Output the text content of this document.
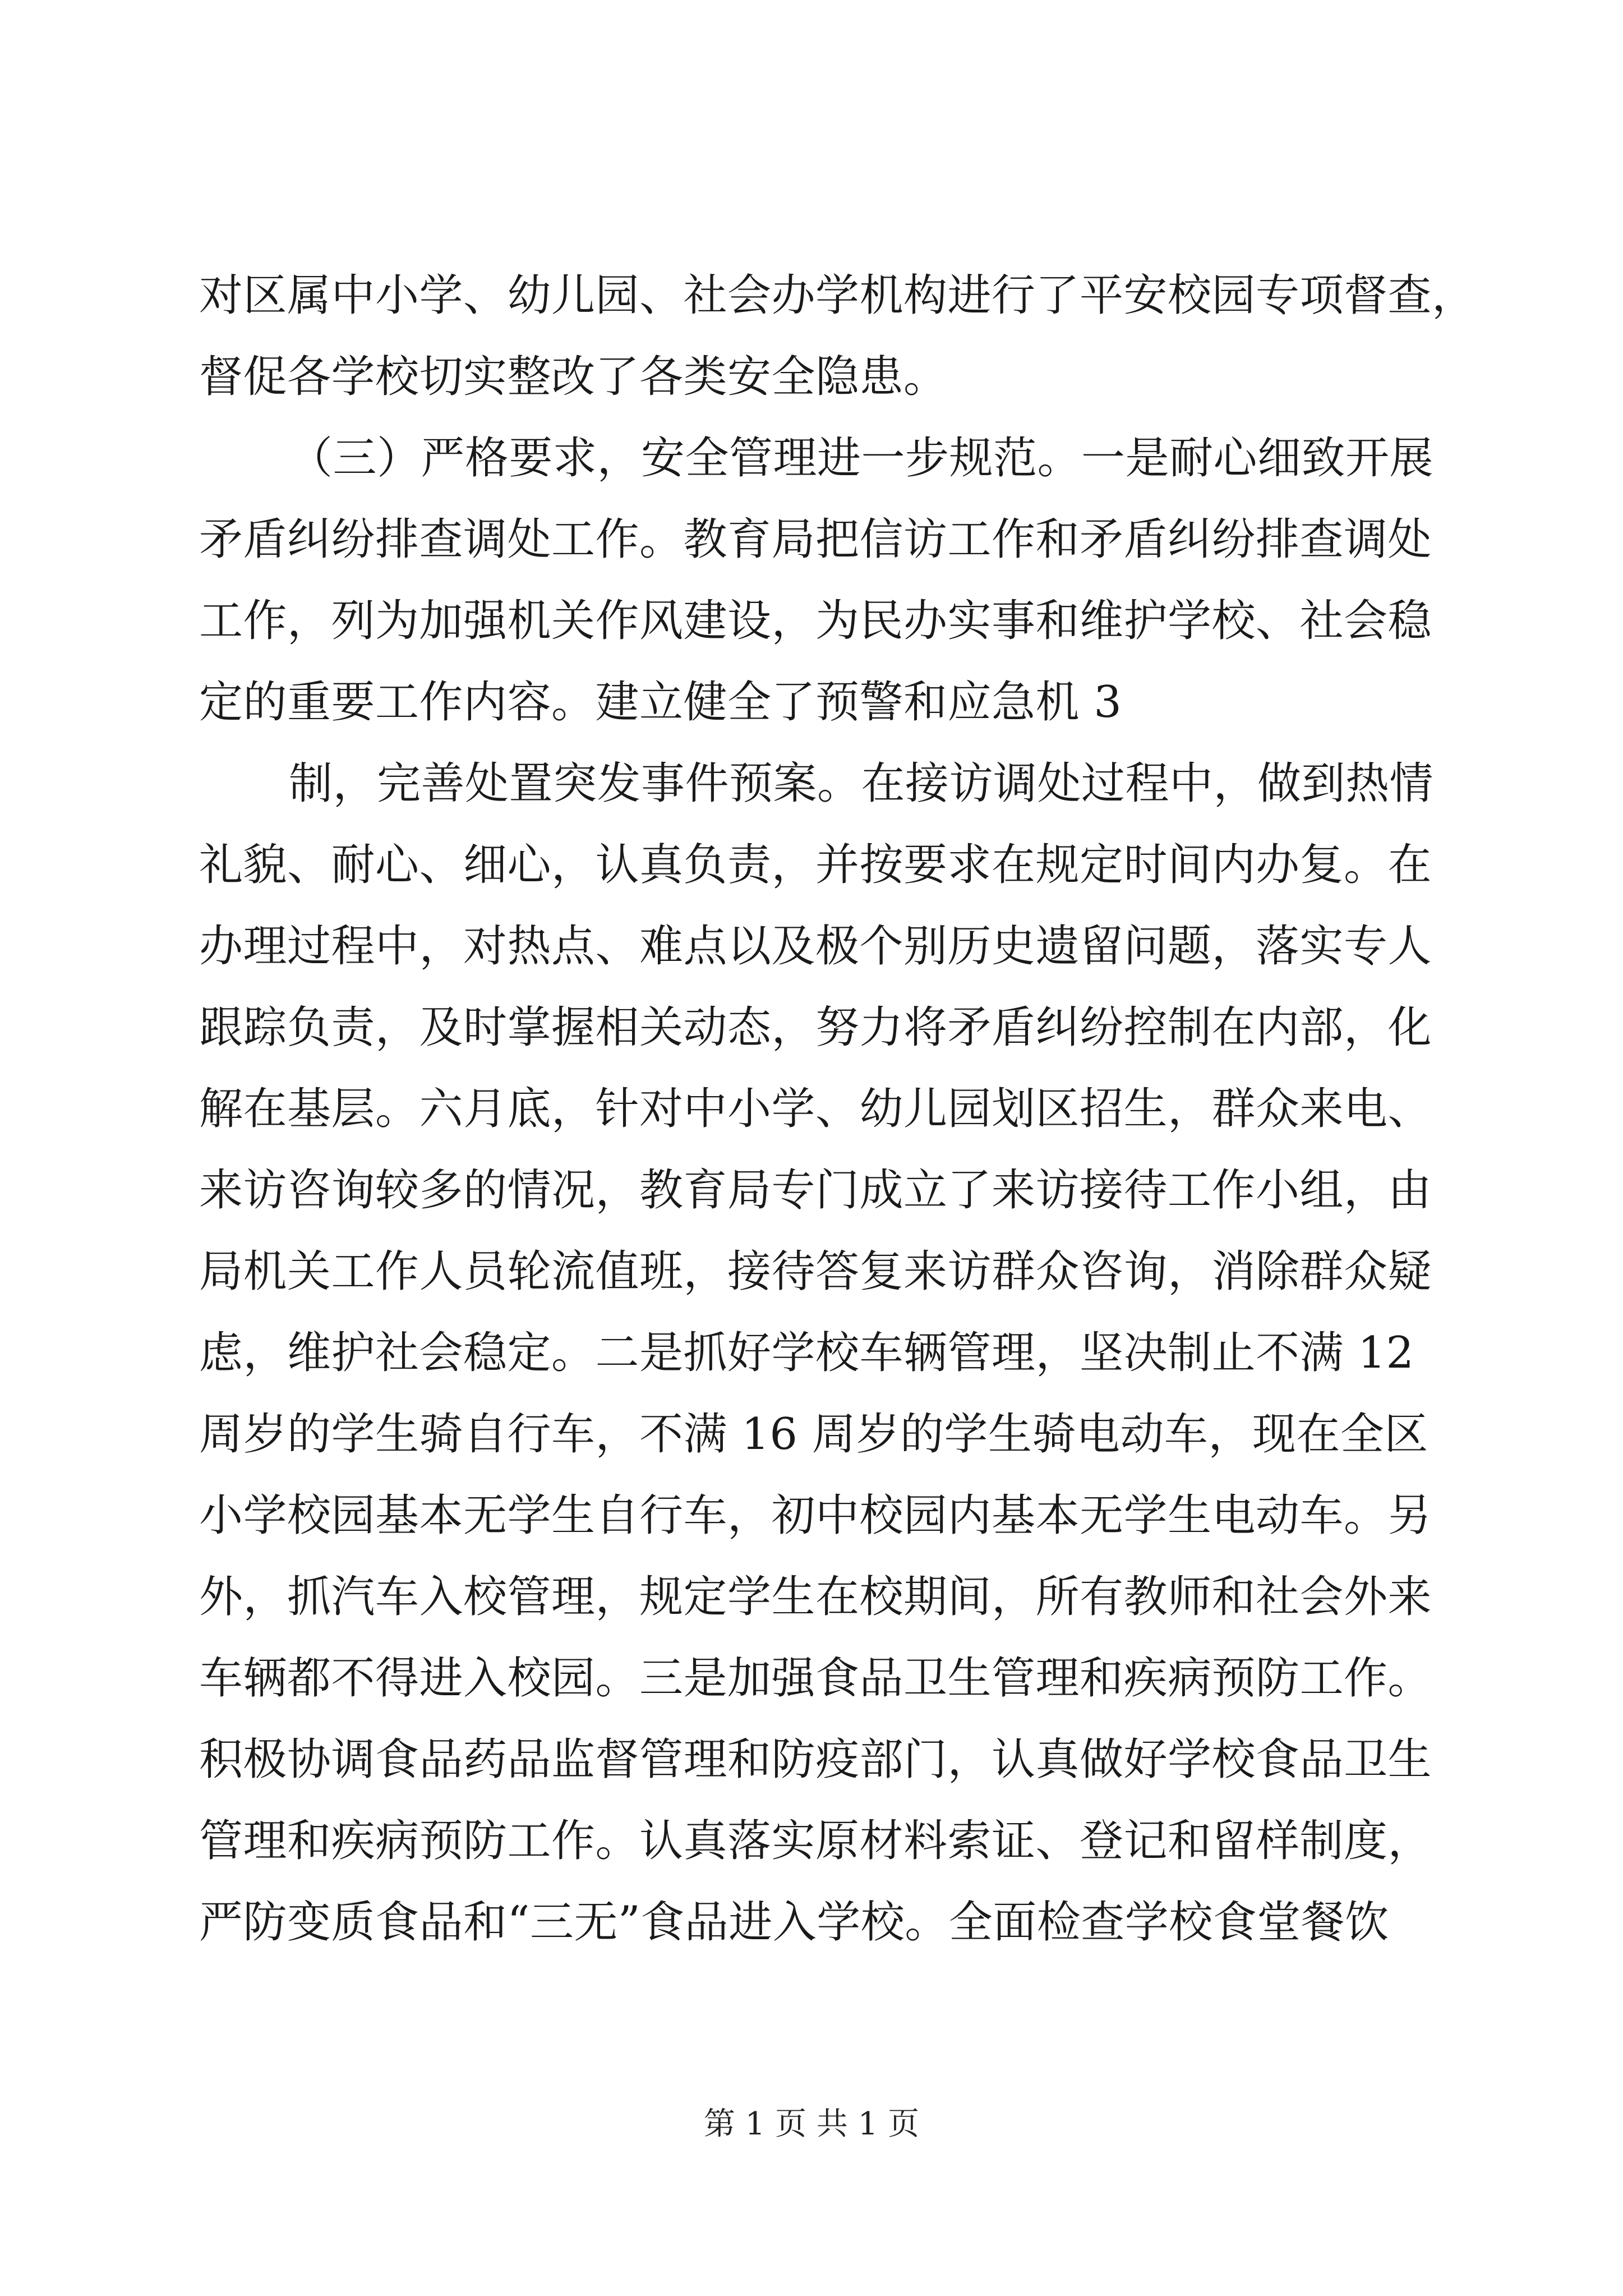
对区属中小学、幼儿园、社会办学机构进行了平安校园专项督查，
督促各学校切实整改了各类安全隐患。
（三）严格要求，安全管理进一步规范。一是耐心细致开展
矛盾纠纷排查调处工作。教育局把信访工作和矛盾纠纷排查调处
工作，列为加强机关作风建设，为民办实事和维护学校、社会稳
定的重要工作内容。建立健全了预警和应急机 3
制，完善处置突发事件预案。在接访调处过程中，做到热情
礼貌、耐心、细心，认真负责，并按要求在规定时间内办复。在
办理过程中，对热点、难点以及极个别历史遗留问题，落实专人
跟踪负责，及时掌握相关动态，努力将矛盾纠纷控制在内部，化
解在基层。六月底，针对中小学、幼儿园划区招生，群众来电、
来访咨询较多的情况，教育局专门成立了来访接待工作小组，由
局机关工作人员轮流值班，接待答复来访群众咨询，消除群众疑
虑，维护社会稳定。二是抓好学校车辆管理，坚决制止不满 12
周岁的学生骑自行车，不满 16 周岁的学生骑电动车，现在全区
小学校园基本无学生自行车，初中校园内基本无学生电动车。另
外，抓汽车入校管理，规定学生在校期间，所有教师和社会外来
车辆都不得进入校园。三是加强食品卫生管理和疾病预防工作。
积极协调食品药品监督管理和防疫部门，认真做好学校食品卫生
管理和疾病预防工作。认真落实原材料索证、登记和留样制度，
严防变质食品和“三无”食品进入学校。全面检查学校食堂餐饮
第 1 页 共 1 页
